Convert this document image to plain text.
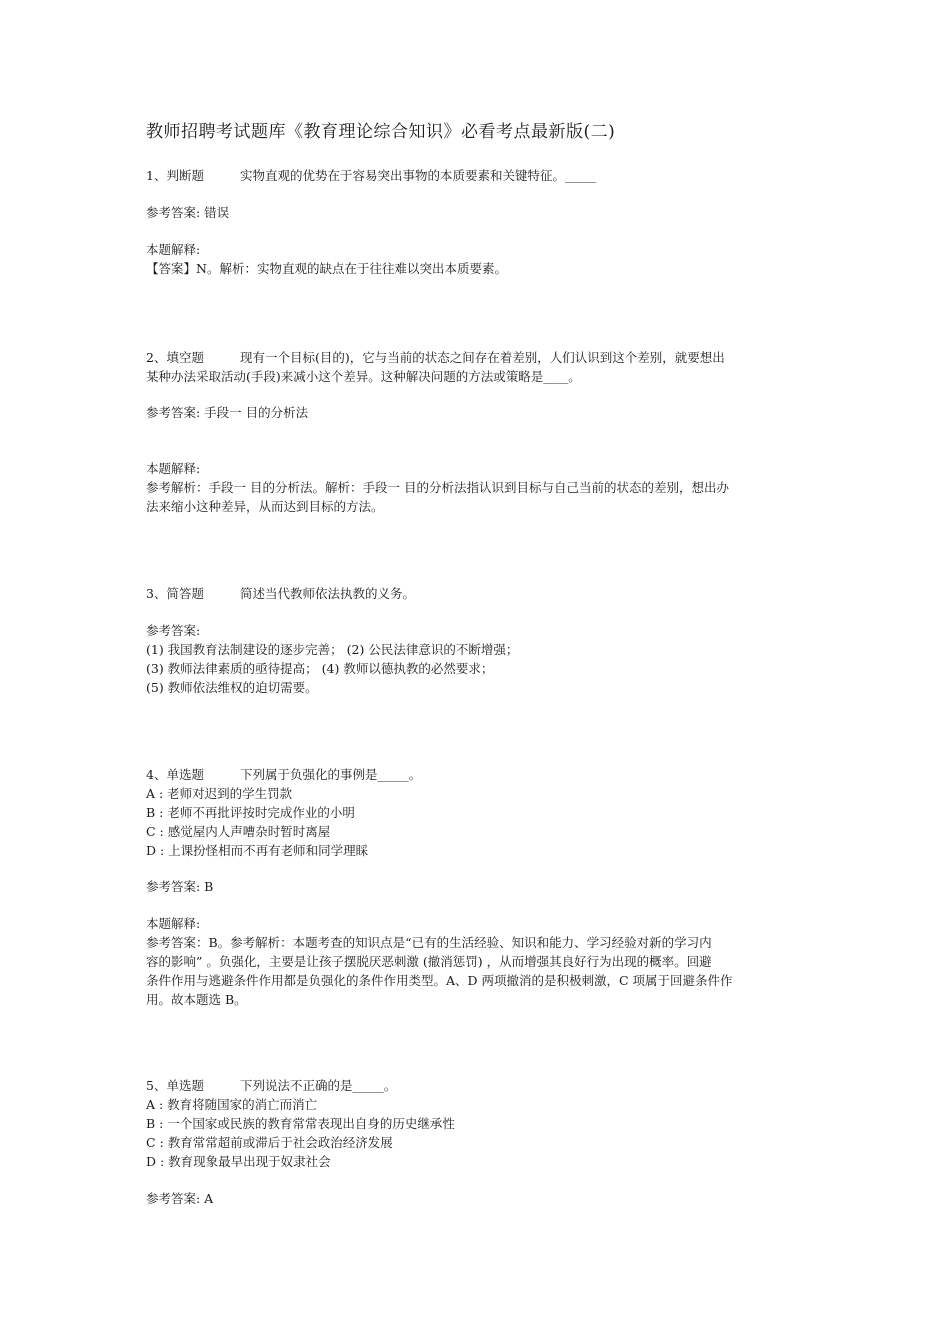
教师招聘考试题库《教育理论综合知识》必看考点最新版(二)
1、判断题	实物直观的优势在于容易突出事物的本质要素和关键特征。_____
参考答案: 错误
本题解释:
【答案】N。解析：实物直观的缺点在于往往难以突出本质要素。
2、填空题	现有一个目标(目的)，它与当前的状态之间存在着差别，人们认识到这个差别，就要想出
某种办法采取活动(手段)来减小这个差异。这种解决问题的方法或策略是____。
参考答案: 手段一 目的分析法
本题解释:
参考解析：手段一 目的分析法。解析：手段一 目的分析法指认识到目标与自己当前的状态的差别，想出办
法来缩小这种差异，从而达到目标的方法。
3、简答题	简述当代教师依法执教的义务。
参考答案:
(1) 我国教育法制建设的逐步完善； (2) 公民法律意识的不断增强；
(3) 教师法律素质的亟待提高； (4) 教师以德执教的必然要求；
(5) 教师依法维权的迫切需要。
4、单选题	下列属于负强化的事例是_____。
A : 老师对迟到的学生罚款
B : 老师不再批评按时完成作业的小明
C : 感觉屋内人声嘈杂时暂时离屋
D : 上课扮怪相而不再有老师和同学理睬
参考答案: B
本题解释:
参考答案：B。参考解析：本题考查的知识点是“已有的生活经验、知识和能力、学习经验对新的学习内
容的影响” 。负强化，主要是让孩子摆脱厌恶刺激 (撤消惩罚) ，从而增强其良好行为出现的概率。回避
条件作用与逃避条件作用都是负强化的条件作用类型。A、D 两项撤消的是积极刺激，C 项属于回避条件作
用。故本题选 B。
5、单选题	下列说法不正确的是_____。
A : 教育将随国家的消亡而消亡
B : 一个国家或民族的教育常常表现出自身的历史继承性
C : 教育常常超前或滞后于社会政治经济发展
D : 教育现象最早出现于奴隶社会
参考答案: A
